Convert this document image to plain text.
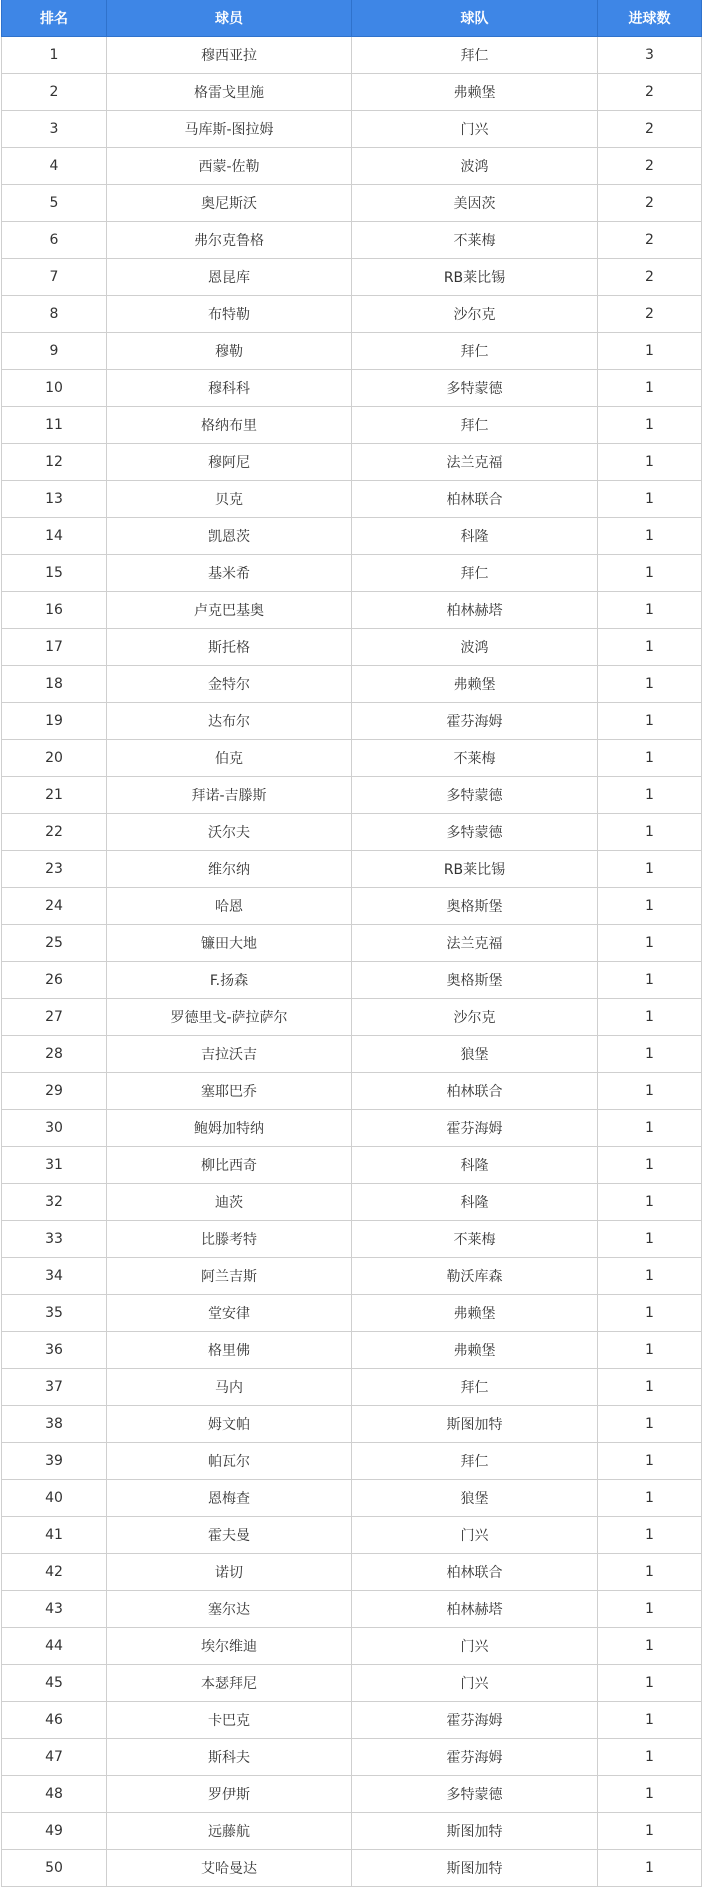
排名	球员	球队	进球数
1	穆西亚拉	拜仁	3
2	格雷戈里施	弗赖堡	2
3	马库斯-图拉姆	门兴	2
4	西蒙-佐勒	波鸿	2
5	奥尼斯沃	美因茨	2
6	弗尔克鲁格	不莱梅	2
7	恩昆库	RB莱比锡	2
8	布特勒	沙尔克	2
9	穆勒	拜仁	1
10	穆科科	多特蒙德	1
11	格纳布里	拜仁	1
12	穆阿尼	法兰克福	1
13	贝克	柏林联合	1
14	凯恩茨	科隆	1
15	基米希	拜仁	1
16	卢克巴基奥	柏林赫塔	1
17	斯托格	波鸿	1
18	金特尔	弗赖堡	1
19	达布尔	霍芬海姆	1
20	伯克	不莱梅	1
21	拜诺-吉滕斯	多特蒙德	1
22	沃尔夫	多特蒙德	1
23	维尔纳	RB莱比锡	1
24	哈恩	奥格斯堡	1
25	镰田大地	法兰克福	1
26	F.扬森	奥格斯堡	1
27	罗德里戈-萨拉萨尔	沙尔克	1
28	吉拉沃吉	狼堡	1
29	塞耶巴乔	柏林联合	1
30	鲍姆加特纳	霍芬海姆	1
31	柳比西奇	科隆	1
32	迪茨	科隆	1
33	比滕考特	不莱梅	1
34	阿兰吉斯	勒沃库森	1
35	堂安律	弗赖堡	1
36	格里佛	弗赖堡	1
37	马内	拜仁	1
38	姆文帕	斯图加特	1
39	帕瓦尔	拜仁	1
40	恩梅查	狼堡	1
41	霍夫曼	门兴	1
42	诺切	柏林联合	1
43	塞尔达	柏林赫塔	1
44	埃尔维迪	门兴	1
45	本瑟拜尼	门兴	1
46	卡巴克	霍芬海姆	1
47	斯科夫	霍芬海姆	1
48	罗伊斯	多特蒙德	1
49	远藤航	斯图加特	1
50	艾哈曼达	斯图加特	1
